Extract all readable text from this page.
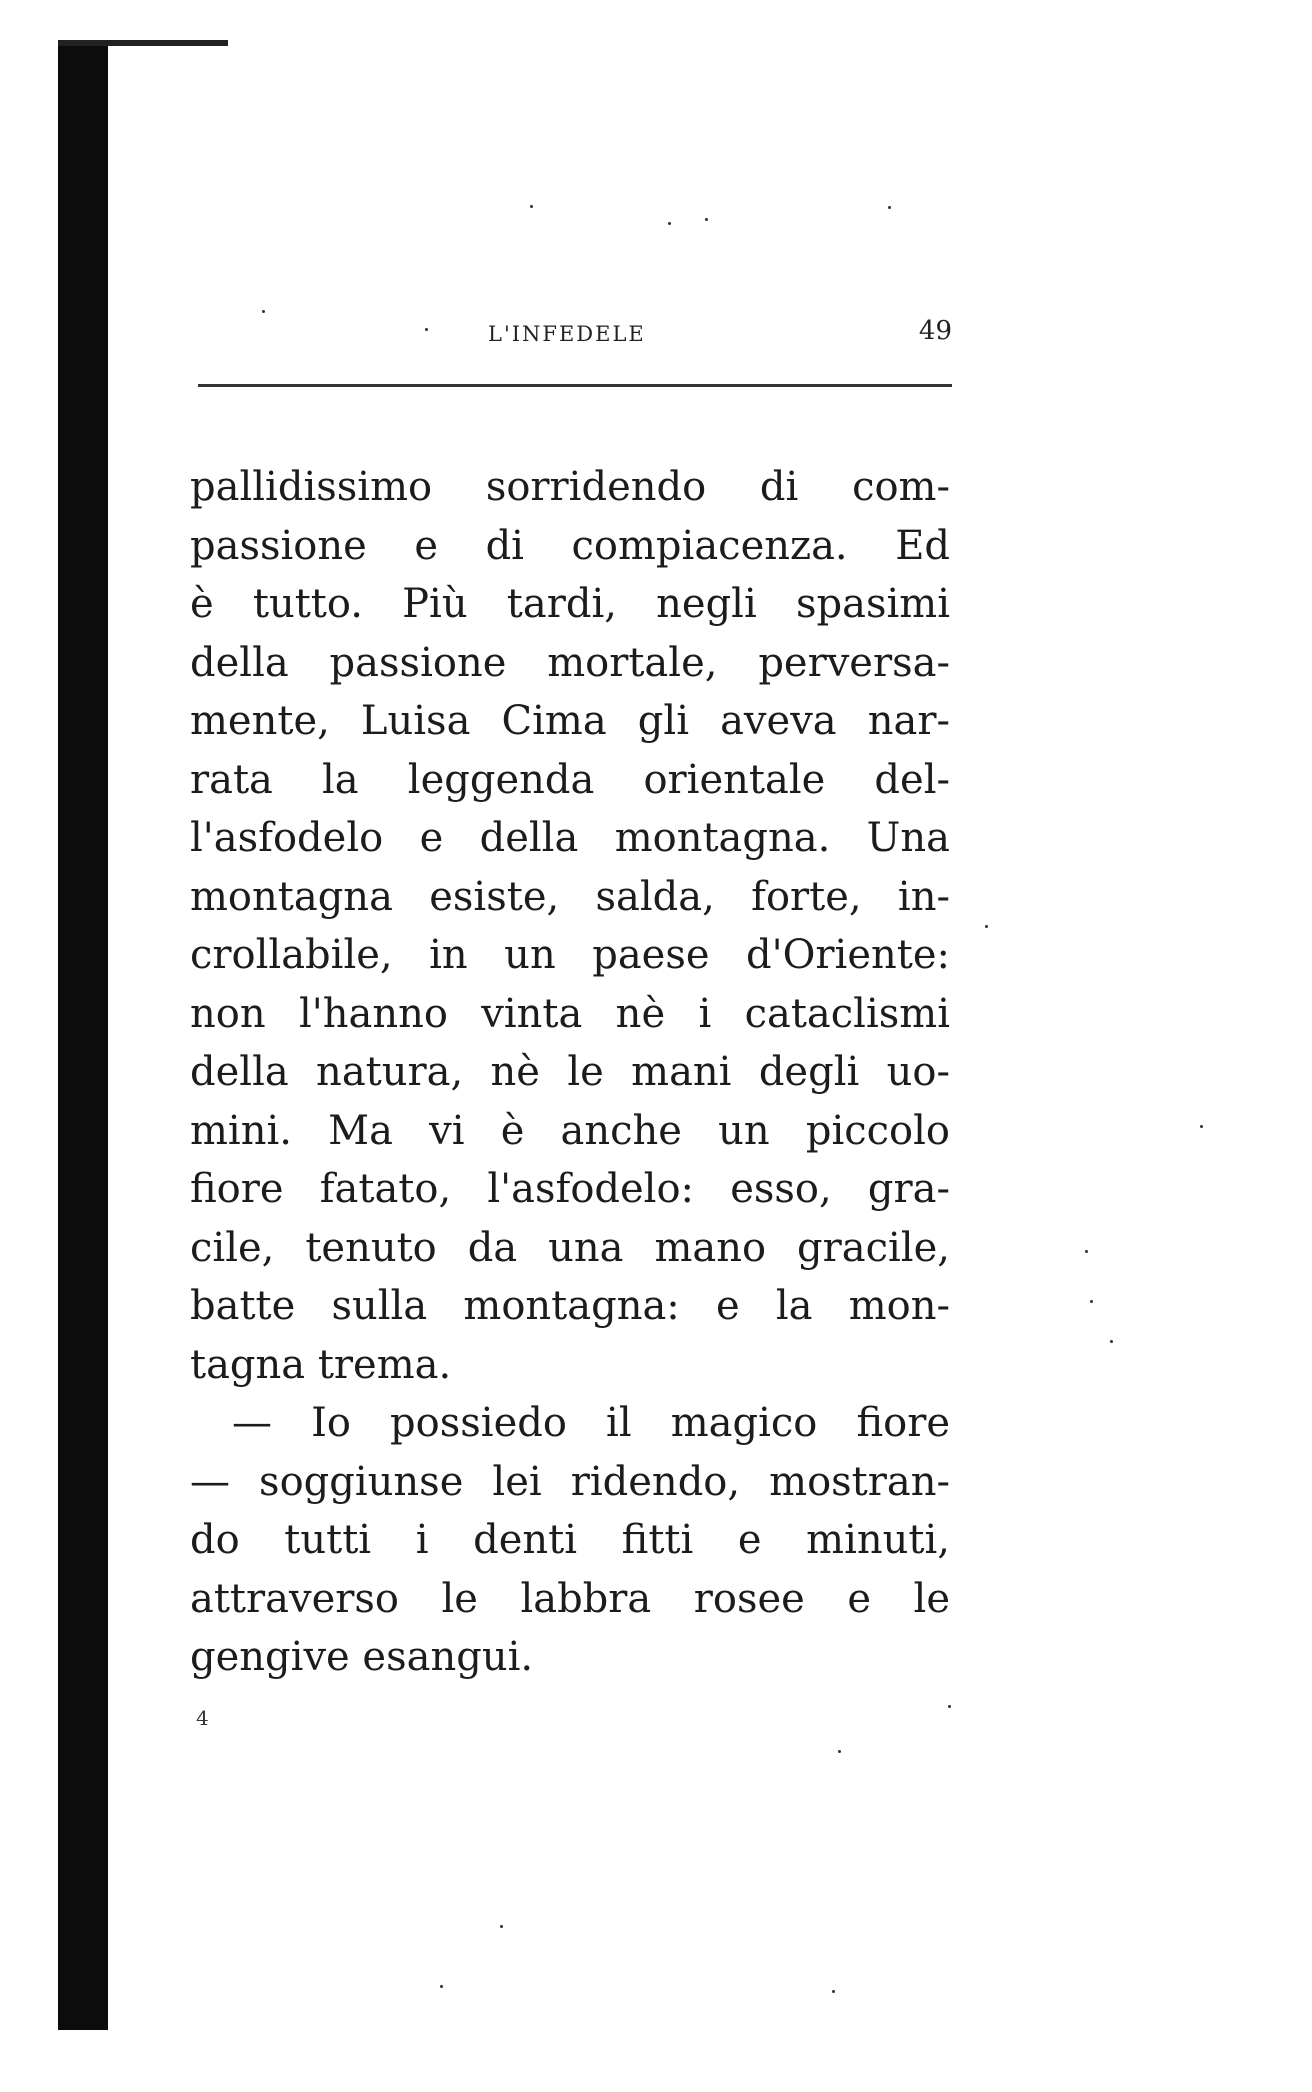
L'INFEDELE	49
pallidissimo sorridendo di com-
passione e di compiacenza. Ed
è tutto. Più tardi, negli spasimi
della passione mortale, perversa-
mente, Luisa Cima gli aveva nar-
rata la leggenda orientale del-
l'asfodelo e della montagna. Una
montagna esiste, salda, forte, in-
crollabile, in un paese d'Oriente:
non l'hanno vinta nè i cataclismi
della natura, nè le mani degli uo-
mini. Ma vi è anche un piccolo
fiore fatato, l'asfodelo: esso, gra-
cile, tenuto da una mano gracile,
batte sulla montagna: e la mon-
tagna trema.
— Io possiedo il magico fiore
— soggiunse lei ridendo, mostran-
do tutti i denti fitti e minuti,
attraverso le labbra rosee e le
gengive esangui.
4
